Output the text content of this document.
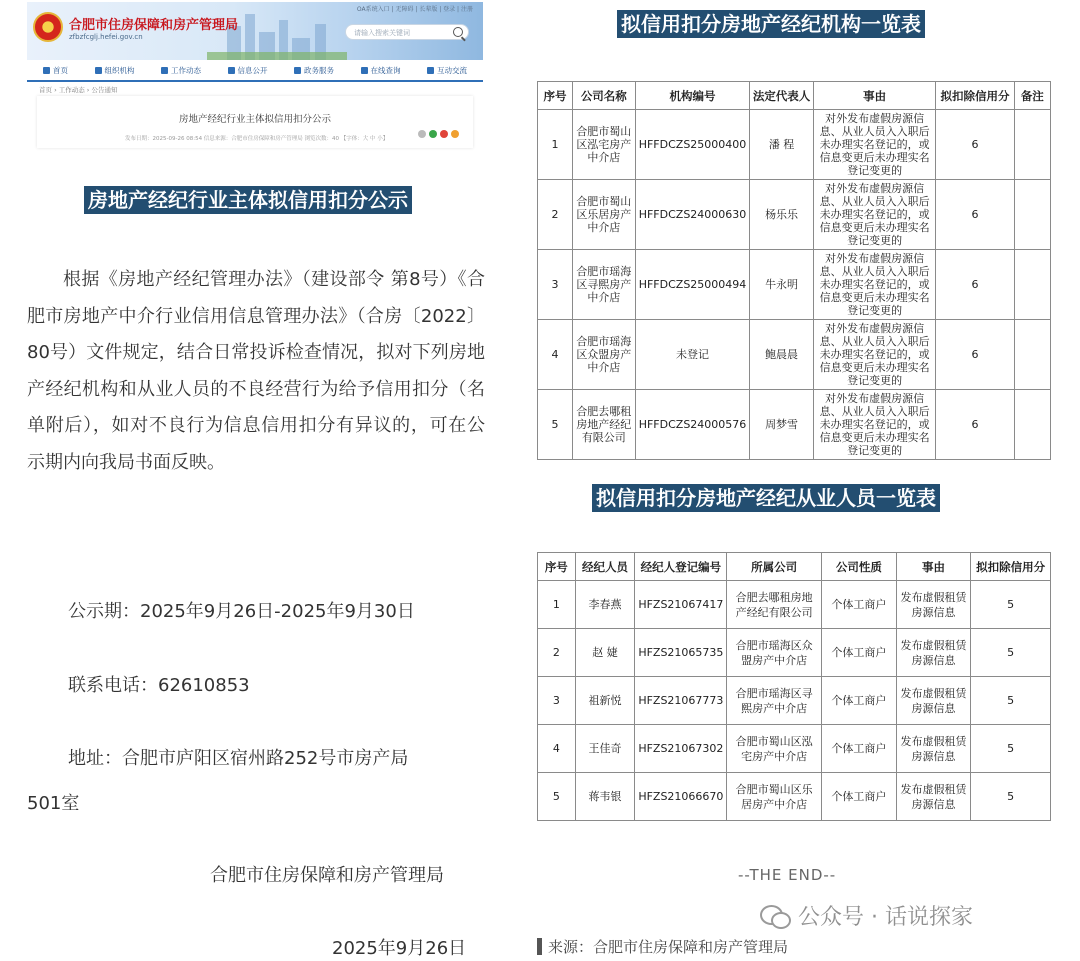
合肥市住房保障和房产管理局
zfbzfcglj.hefei.gov.cn
OA系统入口 | 无障碍 | 长辈版 | 登录 | 注册
请输入搜索关键词
首页	组织机构	工作动态	信息公开	政务服务	在线查询	互动交流
首页 › 工作动态 › 公告通知
房地产经纪行业主体拟信用扣分公示
发布日期：2025-09-26 08:54 信息来源：合肥市住房保障和房产管理局 浏览次数：40 【字体：大 中 小】
房地产经纪行业主体拟信用扣分公示

根据《房地产经纪管理办法》（建设部令 第8号）《合肥市房地产中介行业信用信息管理办法》（合房〔2022〕80号）文件规定，结合日常投诉检查情况，拟对下列房地产经纪机构和从业人员的不良经营行为给予信用扣分（名单附后），如对不良行为信息信用扣分有异议的，可在公示期内向我局书面反映。

公示期：2025年9月26日-2025年9月30日
联系电话：62610853
地址：合肥市庐阳区宿州路252号市房产局
501室
合肥市住房保障和房产管理局
2025年9月26日
拟信用扣分房地产经纪机构一览表
序号	公司名称	机构编号	法定代表人	事由	拟扣除信用分	备注
1	合肥市蜀山区泓宅房产中介店	HFFDCZS25000400	潘 程	对外发布虚假房源信息、从业人员入入职后未办理实名登记的，或信息变更后未办理实名登记变更的	6	
2	合肥市蜀山区乐居房产中介店	HFFDCZS24000630	杨乐乐	对外发布虚假房源信息、从业人员入入职后未办理实名登记的，或信息变更后未办理实名登记变更的	6	
3	合肥市瑶海区寻熙房产中介店	HFFDCZS25000494	牛永明	对外发布虚假房源信息、从业人员入入职后未办理实名登记的，或信息变更后未办理实名登记变更的	6	
4	合肥市瑶海区众盟房产中介店	未登记	鲍晨晨	对外发布虚假房源信息、从业人员入入职后未办理实名登记的，或信息变更后未办理实名登记变更的	6	
5	合肥去哪租房地产经纪有限公司	HFFDCZS24000576	周梦雪	对外发布虚假房源信息、从业人员入入职后未办理实名登记的，或信息变更后未办理实名登记变更的	6	
拟信用扣分房地产经纪从业人员一览表
序号	经纪人员	经纪人登记编号	所属公司	公司性质	事由	拟扣除信用分
1	李春燕	HFZS21067417	合肥去哪租房地产经纪有限公司	个体工商户	发布虚假租赁房源信息	5
2	赵 婕	HFZS21065735	合肥市瑶海区众盟房产中介店	个体工商户	发布虚假租赁房源信息	5
3	祖新悦	HFZS21067773	合肥市瑶海区寻熙房产中介店	个体工商户	发布虚假租赁房源信息	5
4	王佳奇	HFZS21067302	合肥市蜀山区泓宅房产中介店	个体工商户	发布虚假租赁房源信息	5
5	蒋韦银	HFZS21066670	合肥市蜀山区乐居房产中介店	个体工商户	发布虚假租赁房源信息	5
--THE END--
公众号 · 话说探家
来源：合肥市住房保障和房产管理局
